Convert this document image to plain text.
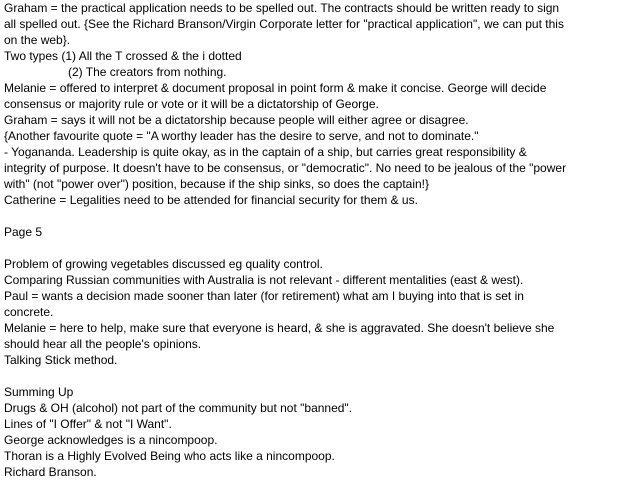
Graham = the practical application needs to be spelled out. The contracts should be written ready to sign
all spelled out. {See the Richard Branson/Virgin Corporate letter for "practical application", we can put this
on the web}.
Two types (1) All the T crossed & the i dotted
(2) The creators from nothing.
Melanie = offered to interpret & document proposal in point form & make it concise. George will decide
consensus or majority rule or vote or it will be a dictatorship of George.
Graham = says it will not be a dictatorship because people will either agree or disagree.
{Another favourite quote = "A worthy leader has the desire to serve, and not to dominate."
- Yogananda. Leadership is quite okay, as in the captain of a ship, but carries great responsibility &
integrity of purpose. It doesn't have to be consensus, or "democratic". No need to be jealous of the "power
with" (not "power over") position, because if the ship sinks, so does the captain!}
Catherine = Legalities need to be attended for financial security for them & us.
Page 5
Problem of growing vegetables discussed eg quality control.
Comparing Russian communities with Australia is not relevant - different mentalities (east & west).
Paul = wants a decision made sooner than later (for retirement) what am I buying into that is set in
concrete.
Melanie = here to help, make sure that everyone is heard, & she is aggravated. She doesn't believe she
should hear all the people's opinions.
Talking Stick method.
Summing Up
Drugs & OH (alcohol) not part of the community but not "banned".
Lines of "I Offer" & not "I Want".
George acknowledges is a nincompoop.
Thoran is a Highly Evolved Being who acts like a nincompoop.
Richard Branson.
